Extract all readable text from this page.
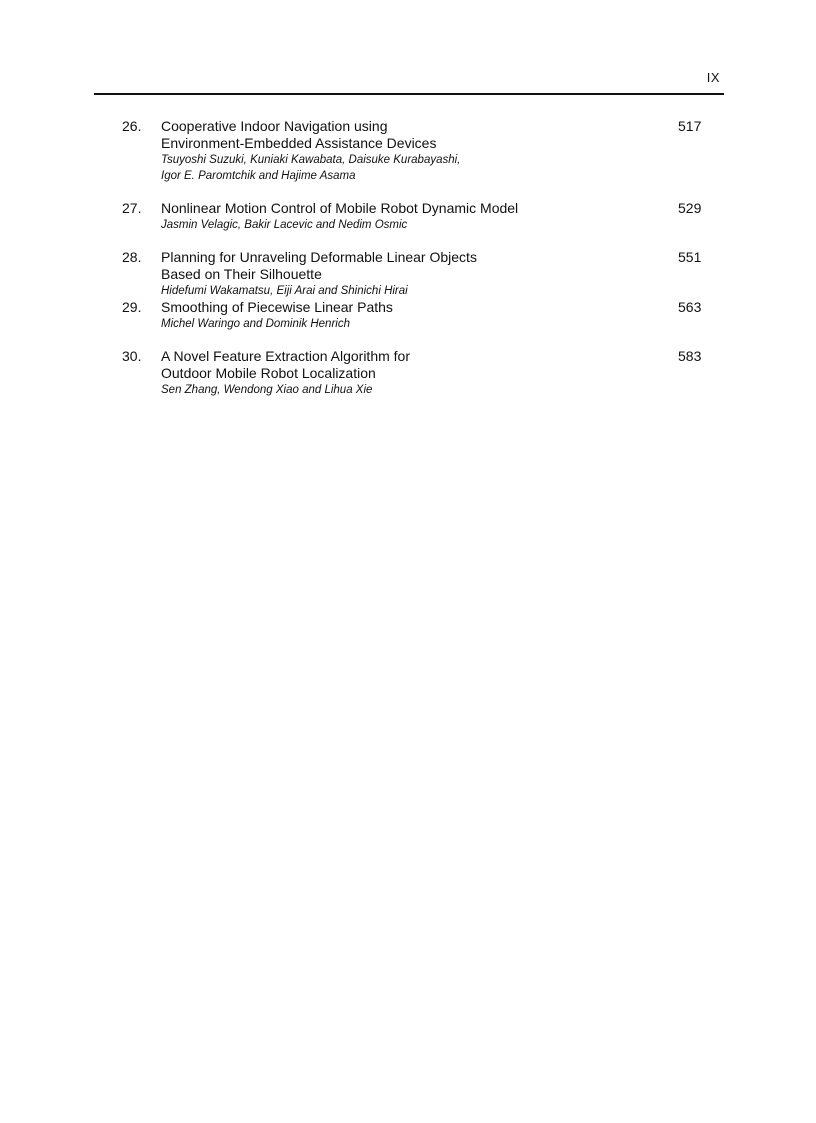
IX
26. Cooperative Indoor Navigation using
Environment-Embedded Assistance Devices
Tsuyoshi Suzuki, Kuniaki Kawabata, Daisuke Kurabayashi,
Igor E. Paromtchik and Hajime Asama
517
27. Nonlinear Motion Control of Mobile Robot Dynamic Model
Jasmin Velagic, Bakir Lacevic and Nedim Osmic
529
28. Planning for Unraveling Deformable Linear Objects
Based on Their Silhouette
Hidefumi Wakamatsu, Eiji Arai and Shinichi Hirai
551
29. Smoothing of Piecewise Linear Paths
Michel Waringo and Dominik Henrich
563
30. A Novel Feature Extraction Algorithm for
Outdoor Mobile Robot Localization
Sen Zhang, Wendong Xiao and Lihua Xie
583
